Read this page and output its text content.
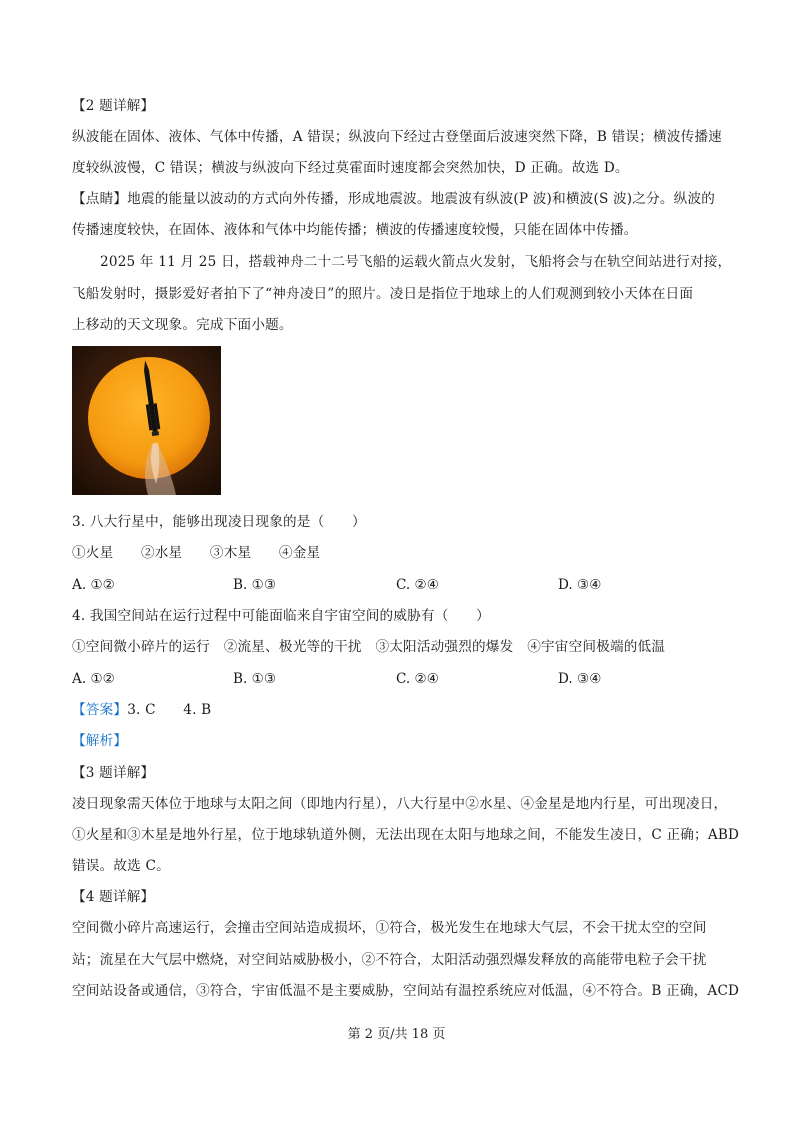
【2 题详解】
纵波能在固体、液体、气体中传播，A 错误；纵波向下经过古登堡面后波速突然下降，B 错误；横波传播速
度较纵波慢，C 错误；横波与纵波向下经过莫霍面时速度都会突然加快，D 正确。故选 D。
【点睛】地震的能量以波动的方式向外传播，形成地震波。地震波有纵波(P 波)和横波(S 波)之分。纵波的
传播速度较快，在固体、液体和气体中均能传播；横波的传播速度较慢，只能在固体中传播。
2025 年 11 月 25 日，搭载神舟二十二号飞船的运载火箭点火发射，飞船将会与在轨空间站进行对接，
飞船发射时，摄影爱好者拍下了“神舟凌日”的照片。凌日是指位于地球上的人们观测到较小天体在日面
上移动的天文现象。完成下面小题。
3. 八大行星中，能够出现凌日现象的是（　　）
①火星　　②水星　　③木星　　④金星
A. ①②	B. ①③	C. ②④	D. ③④
4. 我国空间站在运行过程中可能面临来自宇宙空间的威胁有（　　）
①空间微小碎片的运行　②流星、极光等的干扰　③太阳活动强烈的爆发　④宇宙空间极端的低温
A. ①②	B. ①③	C. ②④	D. ③④
【答案】3. C　　4. B
【解析】
【3 题详解】
凌日现象需天体位于地球与太阳之间（即地内行星），八大行星中②水星、④金星是地内行星，可出现凌日，
①火星和③木星是地外行星，位于地球轨道外侧，无法出现在太阳与地球之间，不能发生凌日，C 正确；ABD
错误。故选 C。
【4 题详解】
空间微小碎片高速运行，会撞击空间站造成损坏，①符合，极光发生在地球大气层，不会干扰太空的空间
站；流星在大气层中燃烧，对空间站威胁极小，②不符合，太阳活动强烈爆发释放的高能带电粒子会干扰
空间站设备或通信，③符合，宇宙低温不是主要威胁，空间站有温控系统应对低温，④不符合。B 正确，ACD
第 2 页/共 18 页
